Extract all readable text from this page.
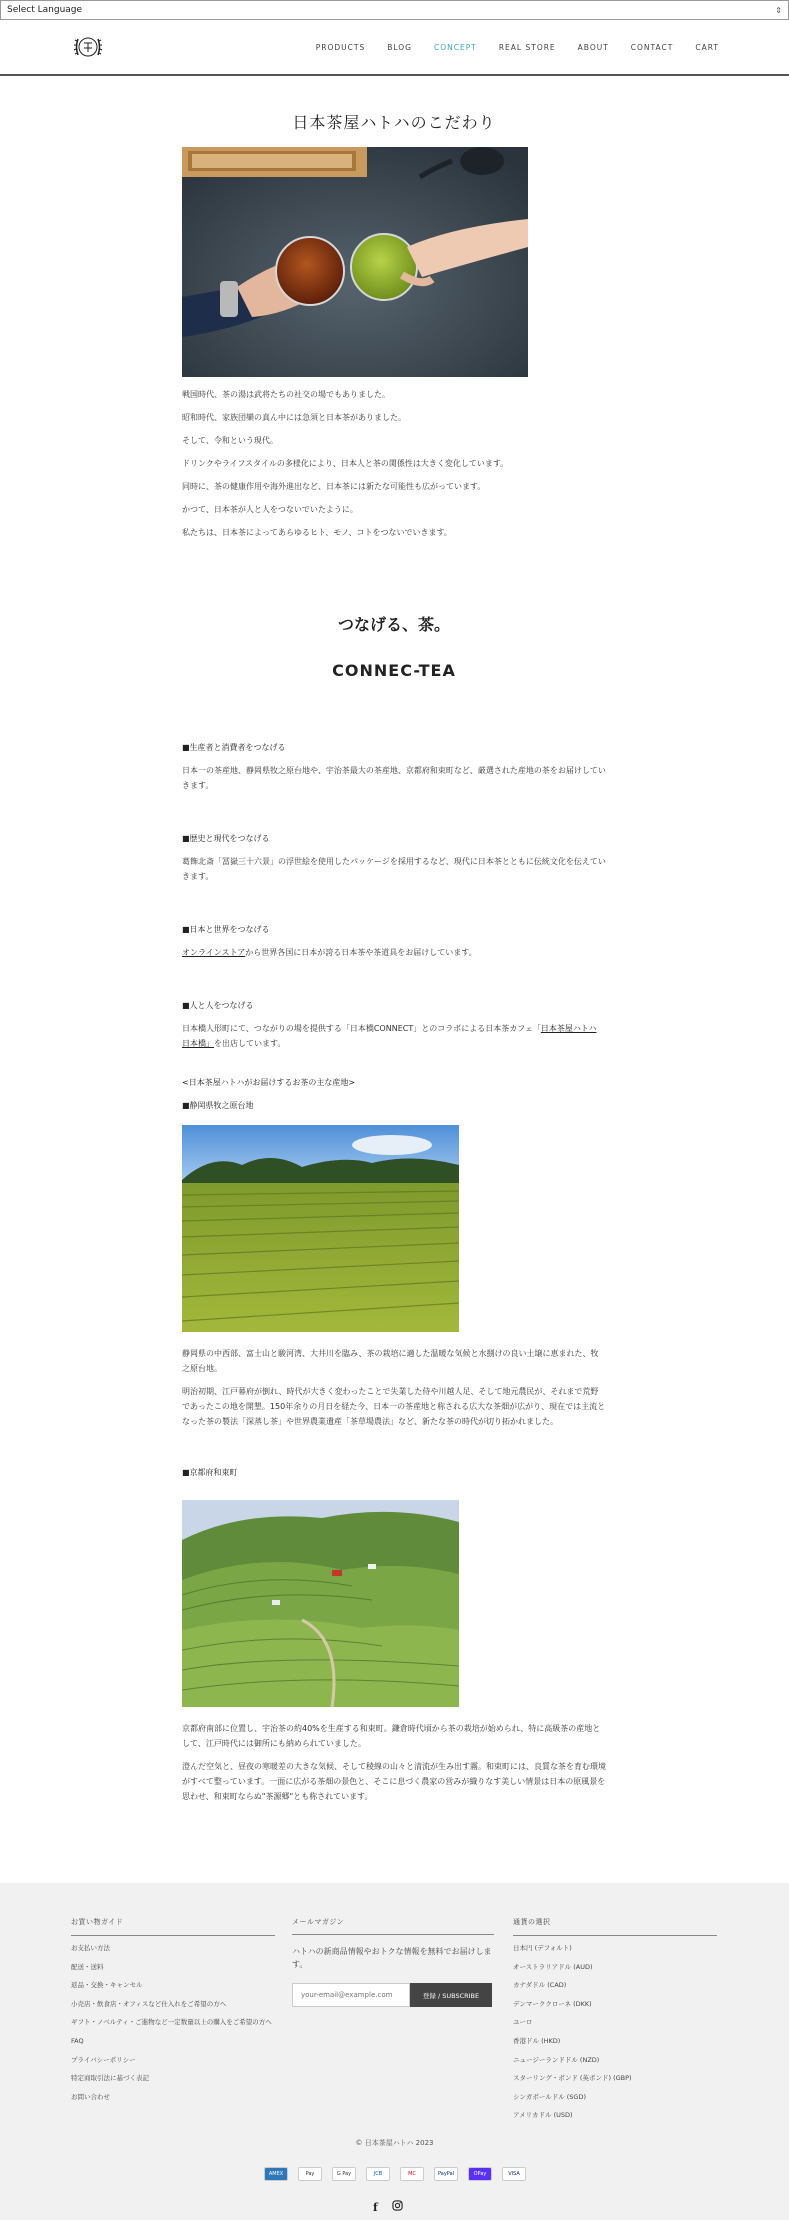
Select Language	⇕
PRODUCTS	BLOG	CONCEPT	REAL STORE	ABOUT	CONTACT	CART
日本茶屋ハトハのこだわり

戦国時代、茶の湯は武将たちの社交の場でもありました。

昭和時代、家族団欒の真ん中には急須と日本茶がありました。

そして、令和という現代。

ドリンクやライフスタイルの多様化により、日本人と茶の関係性は大きく変化しています。

同時に、茶の健康作用や海外進出など、日本茶には新たな可能性も広がっています。

かつて、日本茶が人と人をつないでいたように。

私たちは、日本茶によってあらゆるヒト、モノ、コトをつないでいきます。

つなげる、茶。
CONNEC-TEA
■生産者と消費者をつなげる

日本一の茶産地、静岡県牧之原台地や、宇治茶最大の茶産地、京都府和束町など、厳選された産地の茶をお届けしていきます。

■歴史と現代をつなげる

葛飾北斎「冨嶽三十六景」の浮世絵を使用したパッケージを採用するなど、現代に日本茶とともに伝統文化を伝えていきます。

■日本と世界をつなげる

オンラインストアから世界各国に日本が誇る日本茶や茶道具をお届けしています。

■人と人をつなげる

日本橋人形町にて、つながりの場を提供する「日本橋CONNECT」とのコラボによる日本茶カフェ「日本茶屋ハトハ 日本橋」を出店しています。

<日本茶屋ハトハがお届けするお茶の主な産地>
■静岡県牧之原台地

静岡県の中西部、富士山と駿河湾、大井川を臨み、茶の栽培に適した温暖な気候と水捌けの良い土壌に恵まれた、牧之原台地。

明治初期、江戸幕府が倒れ、時代が大きく変わったことで失業した侍や川越人足、そして地元農民が、それまで荒野であったこの地を開墾。150年余りの月日を経た今、日本一の茶産地と称される広大な茶畑が広がり、現在では主流となった茶の製法「深蒸し茶」や世界農業遺産「茶草場農法」など、新たな茶の時代が切り拓かれました。

■京都府和束町

京都府南部に位置し、宇治茶の約40%を生産する和束町。鎌倉時代頃から茶の栽培が始められ、特に高級茶の産地として、江戸時代には御所にも納められていました。

澄んだ空気と、昼夜の寒暖差の大きな気候、そして稜線の山々と清流が生み出す霧。和束町には、良質な茶を育む環境がすべて整っています。一面に広がる茶畑の景色と、そこに息づく農家の営みが織りなす美しい情景は日本の原風景を思わせ、和束町ならぬ"茶源郷"とも称されています。

お買い物ガイド
お支払い方法
配送・送料
返品・交換・キャンセル
小売店・飲食店・オフィスなど仕入れをご希望の方へ
ギフト・ノベルティ・ご進物など一定数量以上の購入をご希望の方へ
FAQ
プライバシーポリシー
特定商取引法に基づく表記
お問い合わせ
メールマガジン

ハトハの新商品情報やおトクな情報を無料でお届けします。

your-email@example.com
登録 / SUBSCRIBE
通貨の選択
日本円 (デフォルト)
オーストラリアドル (AUD)
カナダドル (CAD)
デンマーククローネ (DKK)
ユーロ
香港ドル (HKD)
ニュージーランドドル (NZD)
スターリング・ポンド (英ポンド) (GBP)
シンガポールドル (SGD)
アメリカドル (USD)
© 日本茶屋ハトハ 2023
AMEX	Pay	G Pay	JCB	MC	PayPal	OPay	VISA
f
